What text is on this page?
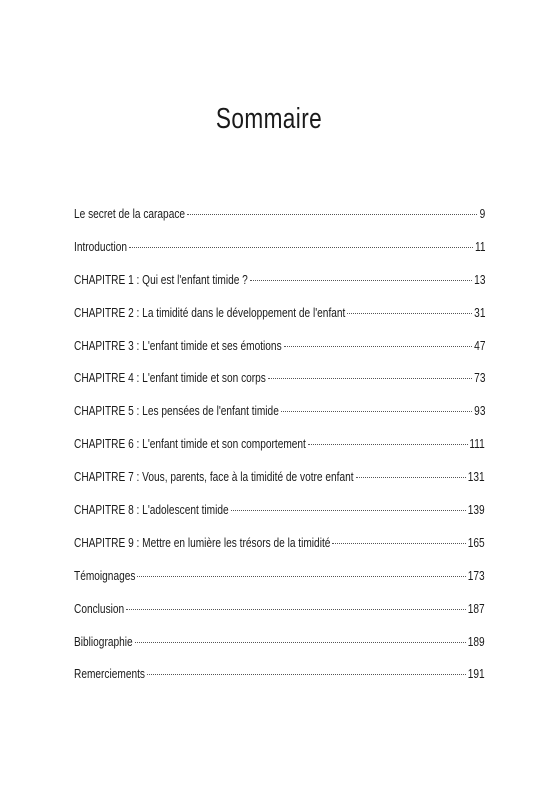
Sommaire
Le secret de la carapace	9
Introduction	11
CHAPITRE 1 : Qui est l'enfant timide ?	13
CHAPITRE 2 : La timidité dans le développement de l'enfant	31
CHAPITRE 3 : L'enfant timide et ses émotions	47
CHAPITRE 4 : L'enfant timide et son corps	73
CHAPITRE 5 : Les pensées de l'enfant timide	93
CHAPITRE 6 : L'enfant timide et son comportement	111
CHAPITRE 7 : Vous, parents, face à la timidité de votre enfant	131
CHAPITRE 8 : L'adolescent timide	139
CHAPITRE 9 : Mettre en lumière les trésors de la timidité	165
Témoignages	173
Conclusion	187
Bibliographie	189
Remerciements	191
